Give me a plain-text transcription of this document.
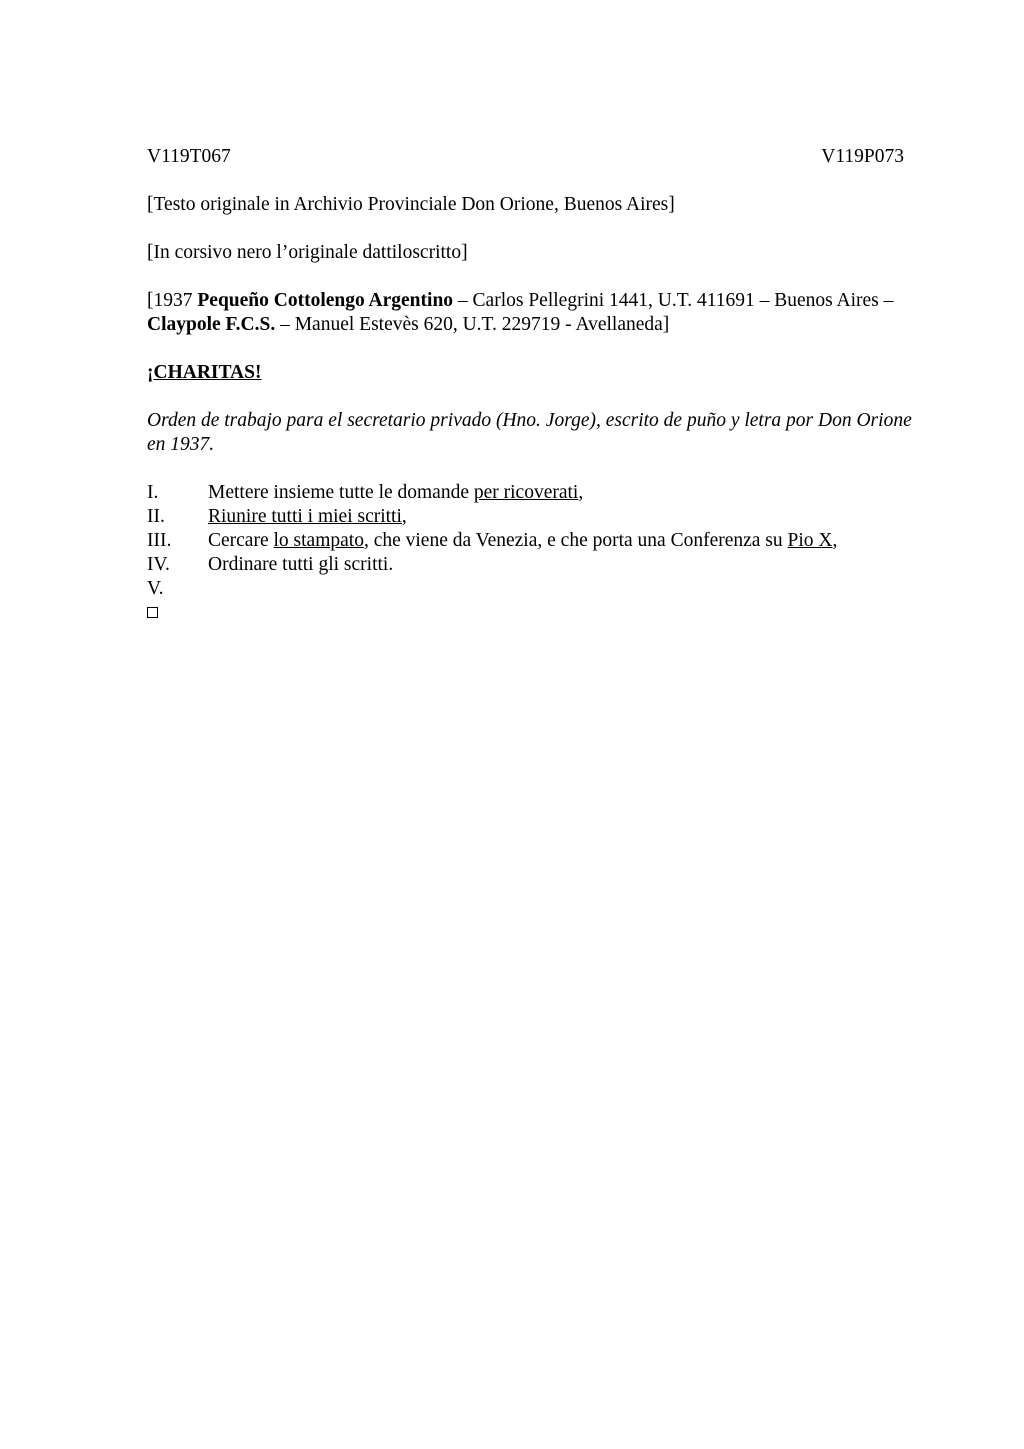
V119T067	V119P073

[Testo originale in Archivio Provinciale Don Orione, Buenos Aires]

[In corsivo nero l’originale dattiloscritto]

[1937 Pequeño Cottolengo Argentino – Carlos Pellegrini 1441, U.T. 411691 – Buenos Aires – Claypole F.C.S. – Manuel Estevès 620, U.T. 229719 - Avellaneda]

¡CHARITAS!

Orden de trabajo para el secretario privado (Hno. Jorge), escrito de puño y letra por Don Orione en 1937.

I.	Mettere insieme tutte le domande per ricoverati,
II.	Riunire tutti i miei scritti,
III.	Cercare lo stampato, che viene da Venezia, e che porta una Conferenza su Pio X,
IV.	Ordinare tutti gli scritti.
V.
